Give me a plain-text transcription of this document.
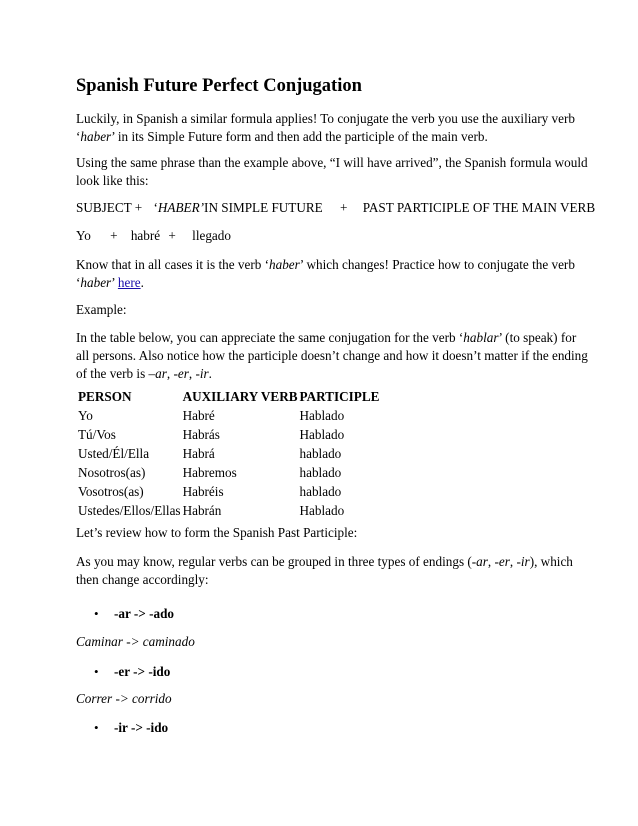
Spanish Future Perfect Conjugation
Luckily, in Spanish a similar formula applies! To conjugate the verb you use the auxiliary verb
‘haber’ in its Simple Future form and then add the participle of the main verb.
Using the same phrase than the example above, “I will have arrived”, the Spanish formula would
look like this:
SUBJECT + ‘HABER’IN SIMPLE FUTURE + PAST PARTICIPLE OF THE MAIN VERB
Yo + habré + llegado
Know that in all cases it is the verb ‘haber’ which changes! Practice how to conjugate the verb
‘haber’ here.
Example:
In the table below, you can appreciate the same conjugation for the verb ‘hablar’ (to speak) for
all persons. Also notice how the participle doesn’t change and how it doesn’t matter if the ending
of the verb is –ar, -er, -ir.
PERSON	AUXILIARY VERB	PARTICIPLE
Yo	Habré	Hablado
Tú/Vos	Habrás	Hablado
Usted/Él/Ella	Habrá	hablado
Nosotros(as)	Habremos	hablado
Vosotros(as)	Habréis	hablado
Ustedes/Ellos/Ellas	Habrán	Hablado
Let’s review how to form the Spanish Past Participle:
As you may know, regular verbs can be grouped in three types of endings (-ar, -er, -ir), which
then change accordingly:
• -ar -> -ado
Caminar -> caminado
• -er -> -ido
Correr -> corrido
• -ir -> -ido
